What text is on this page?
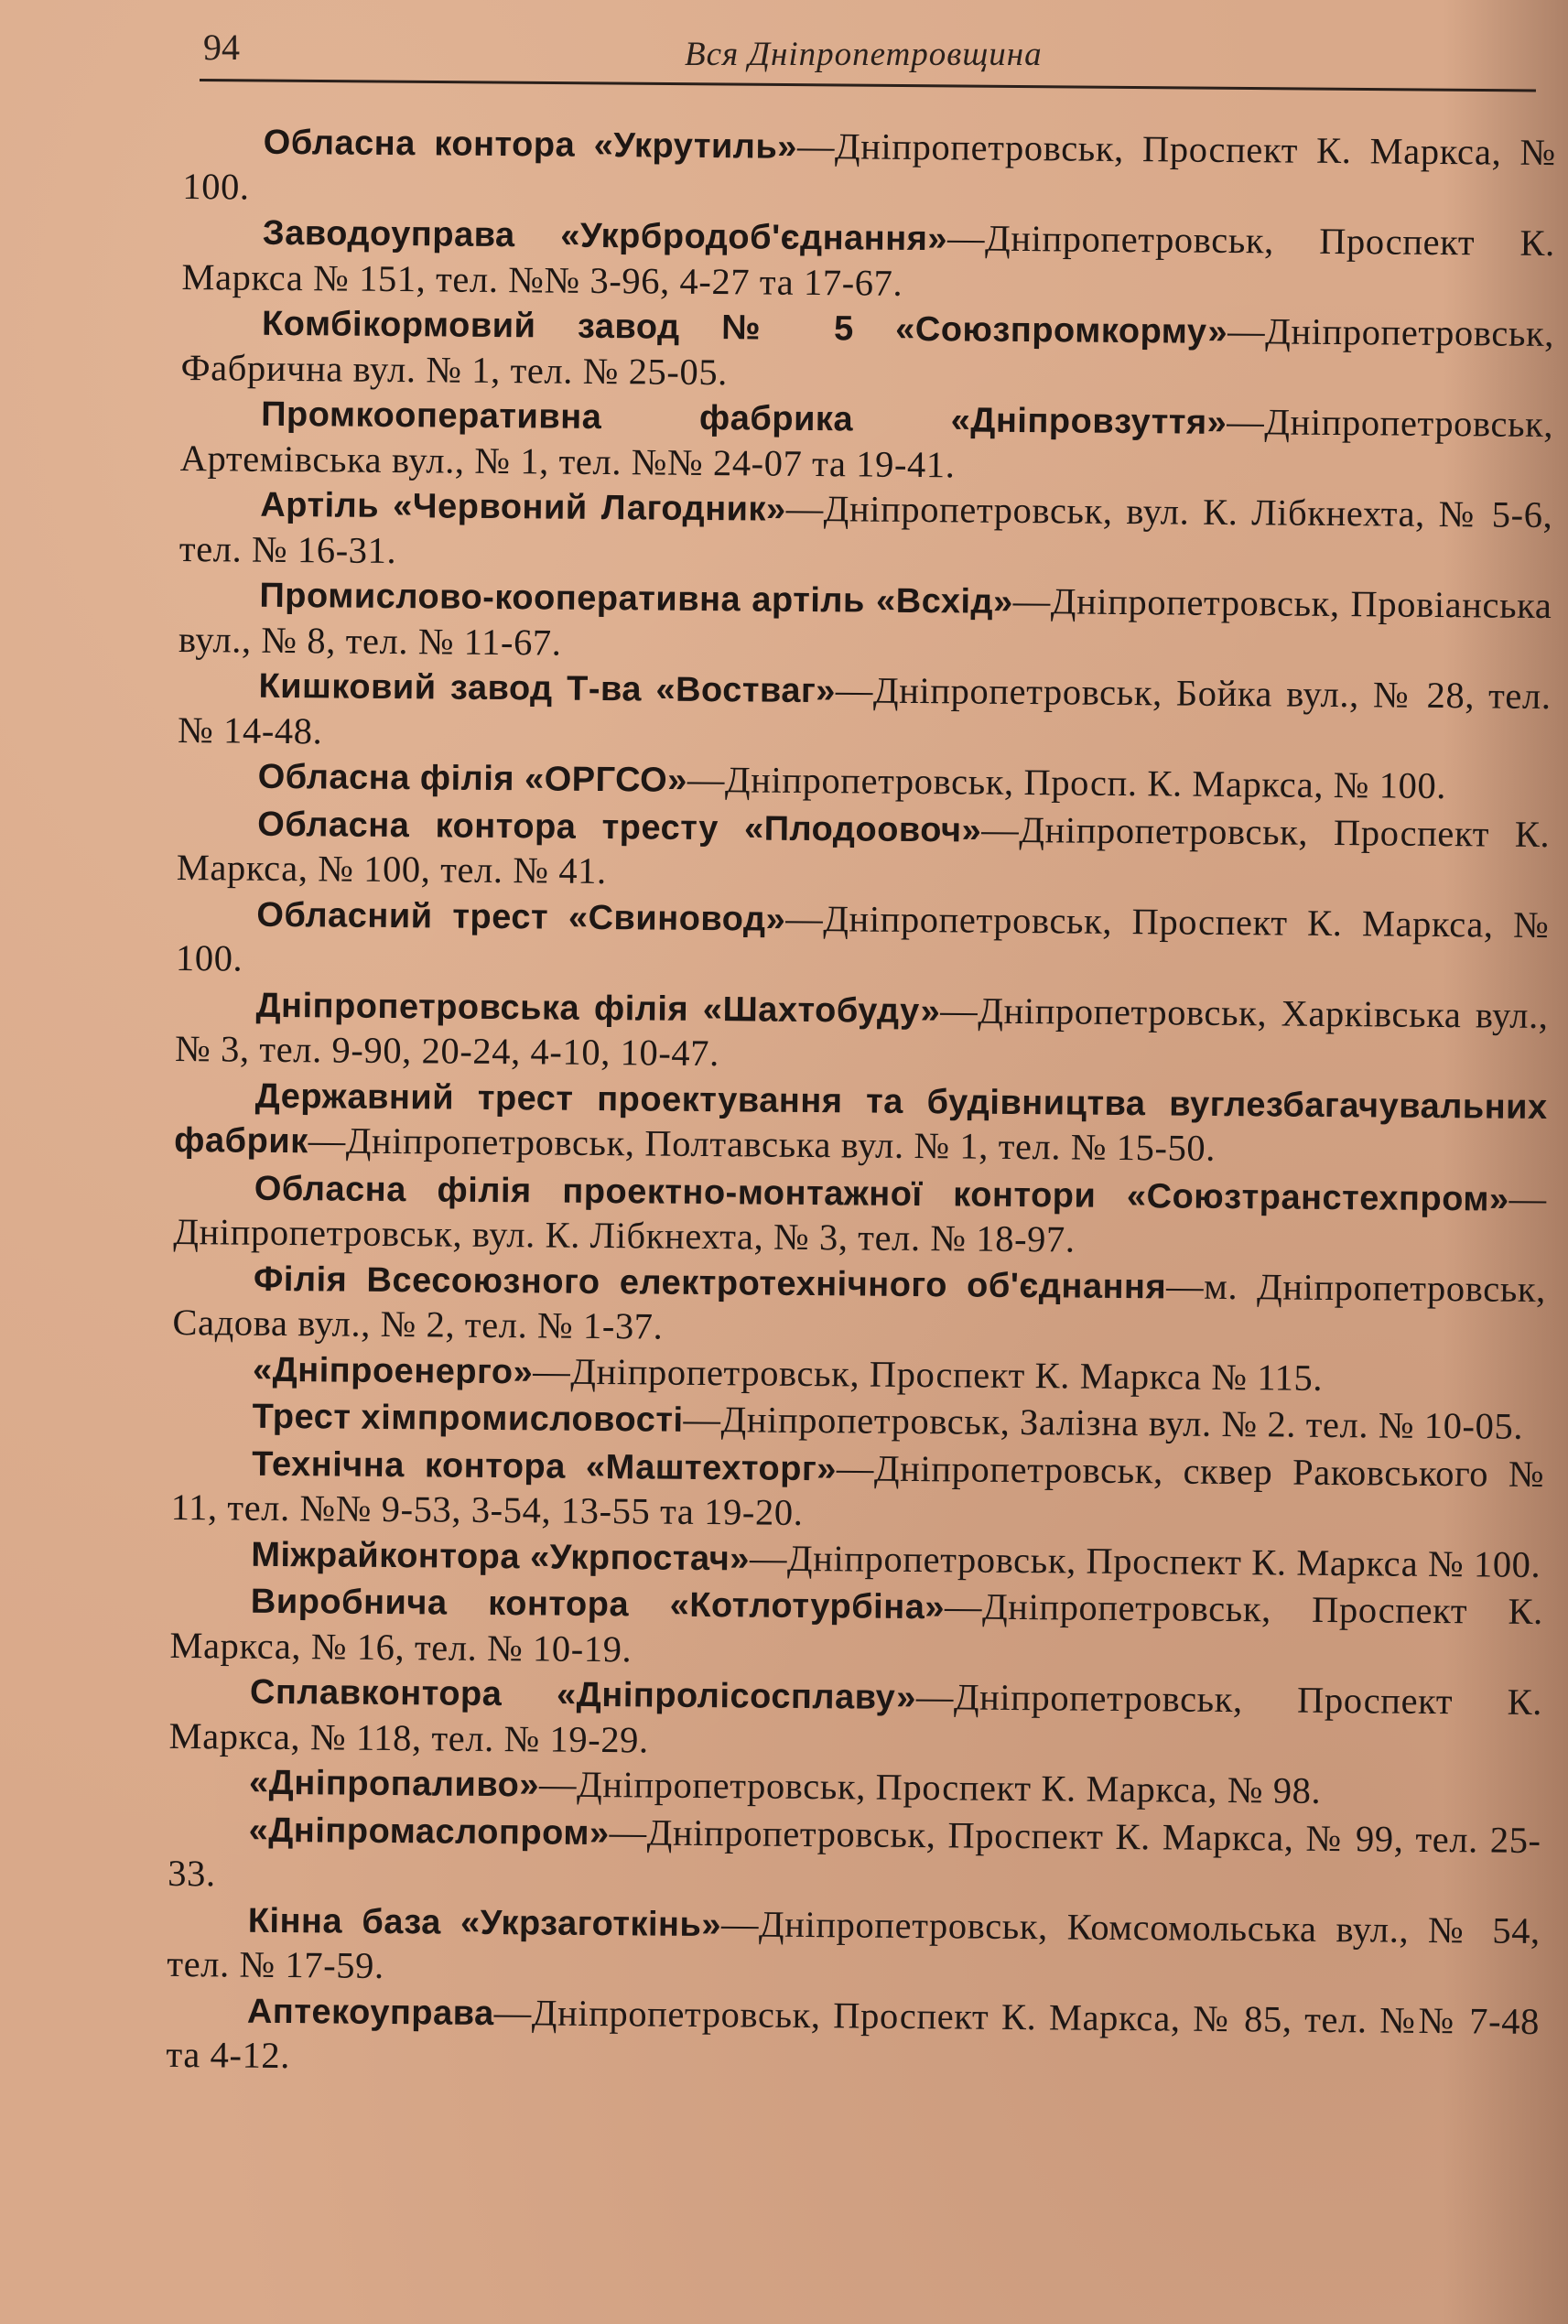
94	Вся Дніпропетровщина

Обласна контора «Укрутиль»—Дніпропетровськ, Проспект К. Маркса, № 100.

Заводоуправа «Укрбродоб'єднання»—Дніпропетровськ, Проспект К. Маркса № 151, тел. №№ 3-96, 4-27 та 17-67.

Комбікормовий завод № 5 «Союзпромкорму»—Дніпропетровськ, Фабрична вул. № 1, тел. № 25-05.

Промкооперативна фабрика «Дніпровзуття»—Дніпропетровськ, Артемівська вул., № 1, тел. №№ 24-07 та 19-41.

Артіль «Червоний Лагодник»—Дніпропетровськ, вул. К. Лібкнехта, № 5-6, тел. № 16-31.

Промислово-кооперативна артіль «Всхід»—Дніпропетровськ, Провіанська вул., № 8, тел. № 11-67.

Кишковий завод Т-ва «Востваг»—Дніпропетровськ, Бойка вул., № 28, тел. № 14-48.

Обласна філія «ОРГСО»—Дніпропетровськ, Просп. К. Маркса, № 100.

Обласна контора тресту «Плодоовоч»—Дніпропетровськ, Проспект К. Маркса, № 100, тел. № 41.

Обласний трест «Свиновод»—Дніпропетровськ, Проспект К. Маркса, № 100.

Дніпропетровська філія «Шахтобуду»—Дніпропетровськ, Харківська вул., № 3, тел. 9-90, 20-24, 4-10, 10-47.

Державний трест проектування та будівництва вуглезбагачувальних фабрик—Дніпропетровськ, Полтавська вул. № 1, тел. № 15-50.

Обласна філія проектно-монтажної контори «Союзтранстехпром»—Дніпропетровськ, вул. К. Лібкнехта, № 3, тел. № 18-97.

Філія Всесоюзного електротехнічного об'єднання—м. Дніпропетровськ, Садова вул., № 2, тел. № 1-37.

«Дніпроенерго»—Дніпропетровськ, Проспект К. Маркса № 115.

Трест хімпромисловості—Дніпропетровськ, Залізна вул. № 2. тел. № 10-05.

Технічна контора «Маштехторг»—Дніпропетровськ, сквер Раковського № 11, тел. №№ 9-53, 3-54, 13-55 та 19-20.

Міжрайконтора «Укрпостач»—Дніпропетровськ, Проспект К. Маркса № 100.

Виробнича контора «Котлотурбіна»—Дніпропетровськ, Проспект К. Маркса, № 16, тел. № 10-19.

Сплавконтора «Дніпролісосплаву»—Дніпропетровськ, Проспект К. Маркса, № 118, тел. № 19-29.

«Дніпропаливо»—Дніпропетровськ, Проспект К. Маркса, № 98.

«Дніпромаслопром»—Дніпропетровськ, Проспект К. Маркса, № 99, тел. 25-33.

Кінна база «Укрзаготкінь»—Дніпропетровськ, Комсомольська вул., № 54, тел. № 17-59.

Аптекоуправа—Дніпропетровськ, Проспект К. Маркса, № 85, тел. №№ 7-48 та 4-12.
